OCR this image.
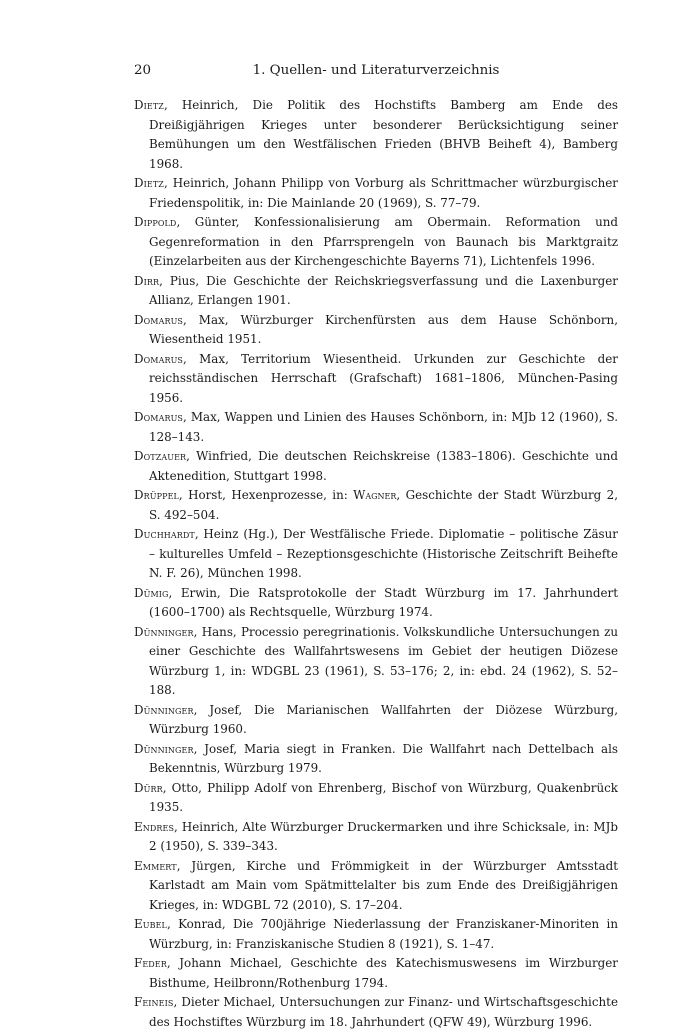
20	1. Quellen- und Literaturverzeichnis
Dietz, Heinrich, Die Politik des Hochstifts Bamberg am Ende des Dreißigjährigen Krieges unter besonderer Berücksichtigung seiner Bemühungen um den Westfälischen Frieden (BHVB Beiheft 4), Bamberg 1968.
Dietz, Heinrich, Johann Philipp von Vorburg als Schrittmacher würzburgischer Friedenspolitik, in: Die Mainlande 20 (1969), S. 77–79.
Dippold, Günter, Konfessionalisierung am Obermain. Reformation und Gegenreformation in den Pfarrsprengeln von Baunach bis Marktgraitz (Einzelarbeiten aus der Kirchengeschichte Bayerns 71), Lichtenfels 1996.
Dirr, Pius, Die Geschichte der Reichskriegsverfassung und die Laxenburger Allianz, Erlangen 1901.
Domarus, Max, Würzburger Kirchenfürsten aus dem Hause Schönborn, Wiesentheid 1951.
Domarus, Max, Territorium Wiesentheid. Urkunden zur Geschichte der reichsständischen Herrschaft (Grafschaft) 1681–1806, München-Pasing 1956.
Domarus, Max, Wappen und Linien des Hauses Schönborn, in: MJb 12 (1960), S. 128–143.
Dotzauer, Winfried, Die deutschen Reichskreise (1383–1806). Geschichte und Aktenedition, Stuttgart 1998.
Drüppel, Horst, Hexenprozesse, in: Wagner, Geschichte der Stadt Würzburg 2, S. 492–504.
Duchhardt, Heinz (Hg.), Der Westfälische Friede. Diplomatie – politische Zäsur – kulturelles Umfeld – Rezeptionsgeschichte (Historische Zeitschrift Beihefte N. F. 26), München 1998.
Dümig, Erwin, Die Ratsprotokolle der Stadt Würzburg im 17. Jahrhundert (1600–1700) als Rechtsquelle, Würzburg 1974.
Dünninger, Hans, Processio peregrinationis. Volkskundliche Untersuchungen zu einer Geschichte des Wallfahrtswesens im Gebiet der heutigen Diözese Würzburg 1, in: WDGBL 23 (1961), S. 53–176; 2, in: ebd. 24 (1962), S. 52–188.
Dünninger, Josef, Die Marianischen Wallfahrten der Diözese Würzburg, Würzburg 1960.
Dünninger, Josef, Maria siegt in Franken. Die Wallfahrt nach Dettelbach als Bekenntnis, Würzburg 1979.
Dürr, Otto, Philipp Adolf von Ehrenberg, Bischof von Würzburg, Quakenbrück 1935.
Endres, Heinrich, Alte Würzburger Druckermarken und ihre Schicksale, in: MJb 2 (1950), S. 339–343.
Emmert, Jürgen, Kirche und Frömmigkeit in der Würzburger Amtsstadt Karlstadt am Main vom Spätmittelalter bis zum Ende des Dreißigjährigen Krieges, in: WDGBL 72 (2010), S. 17–204.
Eubel, Konrad, Die 700jährige Niederlassung der Franziskaner-Minoriten in Würzburg, in: Franziskanische Studien 8 (1921), S. 1–47.
Feder, Johann Michael, Geschichte des Katechismuswesens im Wirzburger Bisthume, Heilbronn/Rothenburg 1794.
Feineis, Dieter Michael, Untersuchungen zur Finanz- und Wirtschaftsgeschichte des Hochstiftes Würzburg im 18. Jahrhundert (QFW 49), Würzburg 1996.
